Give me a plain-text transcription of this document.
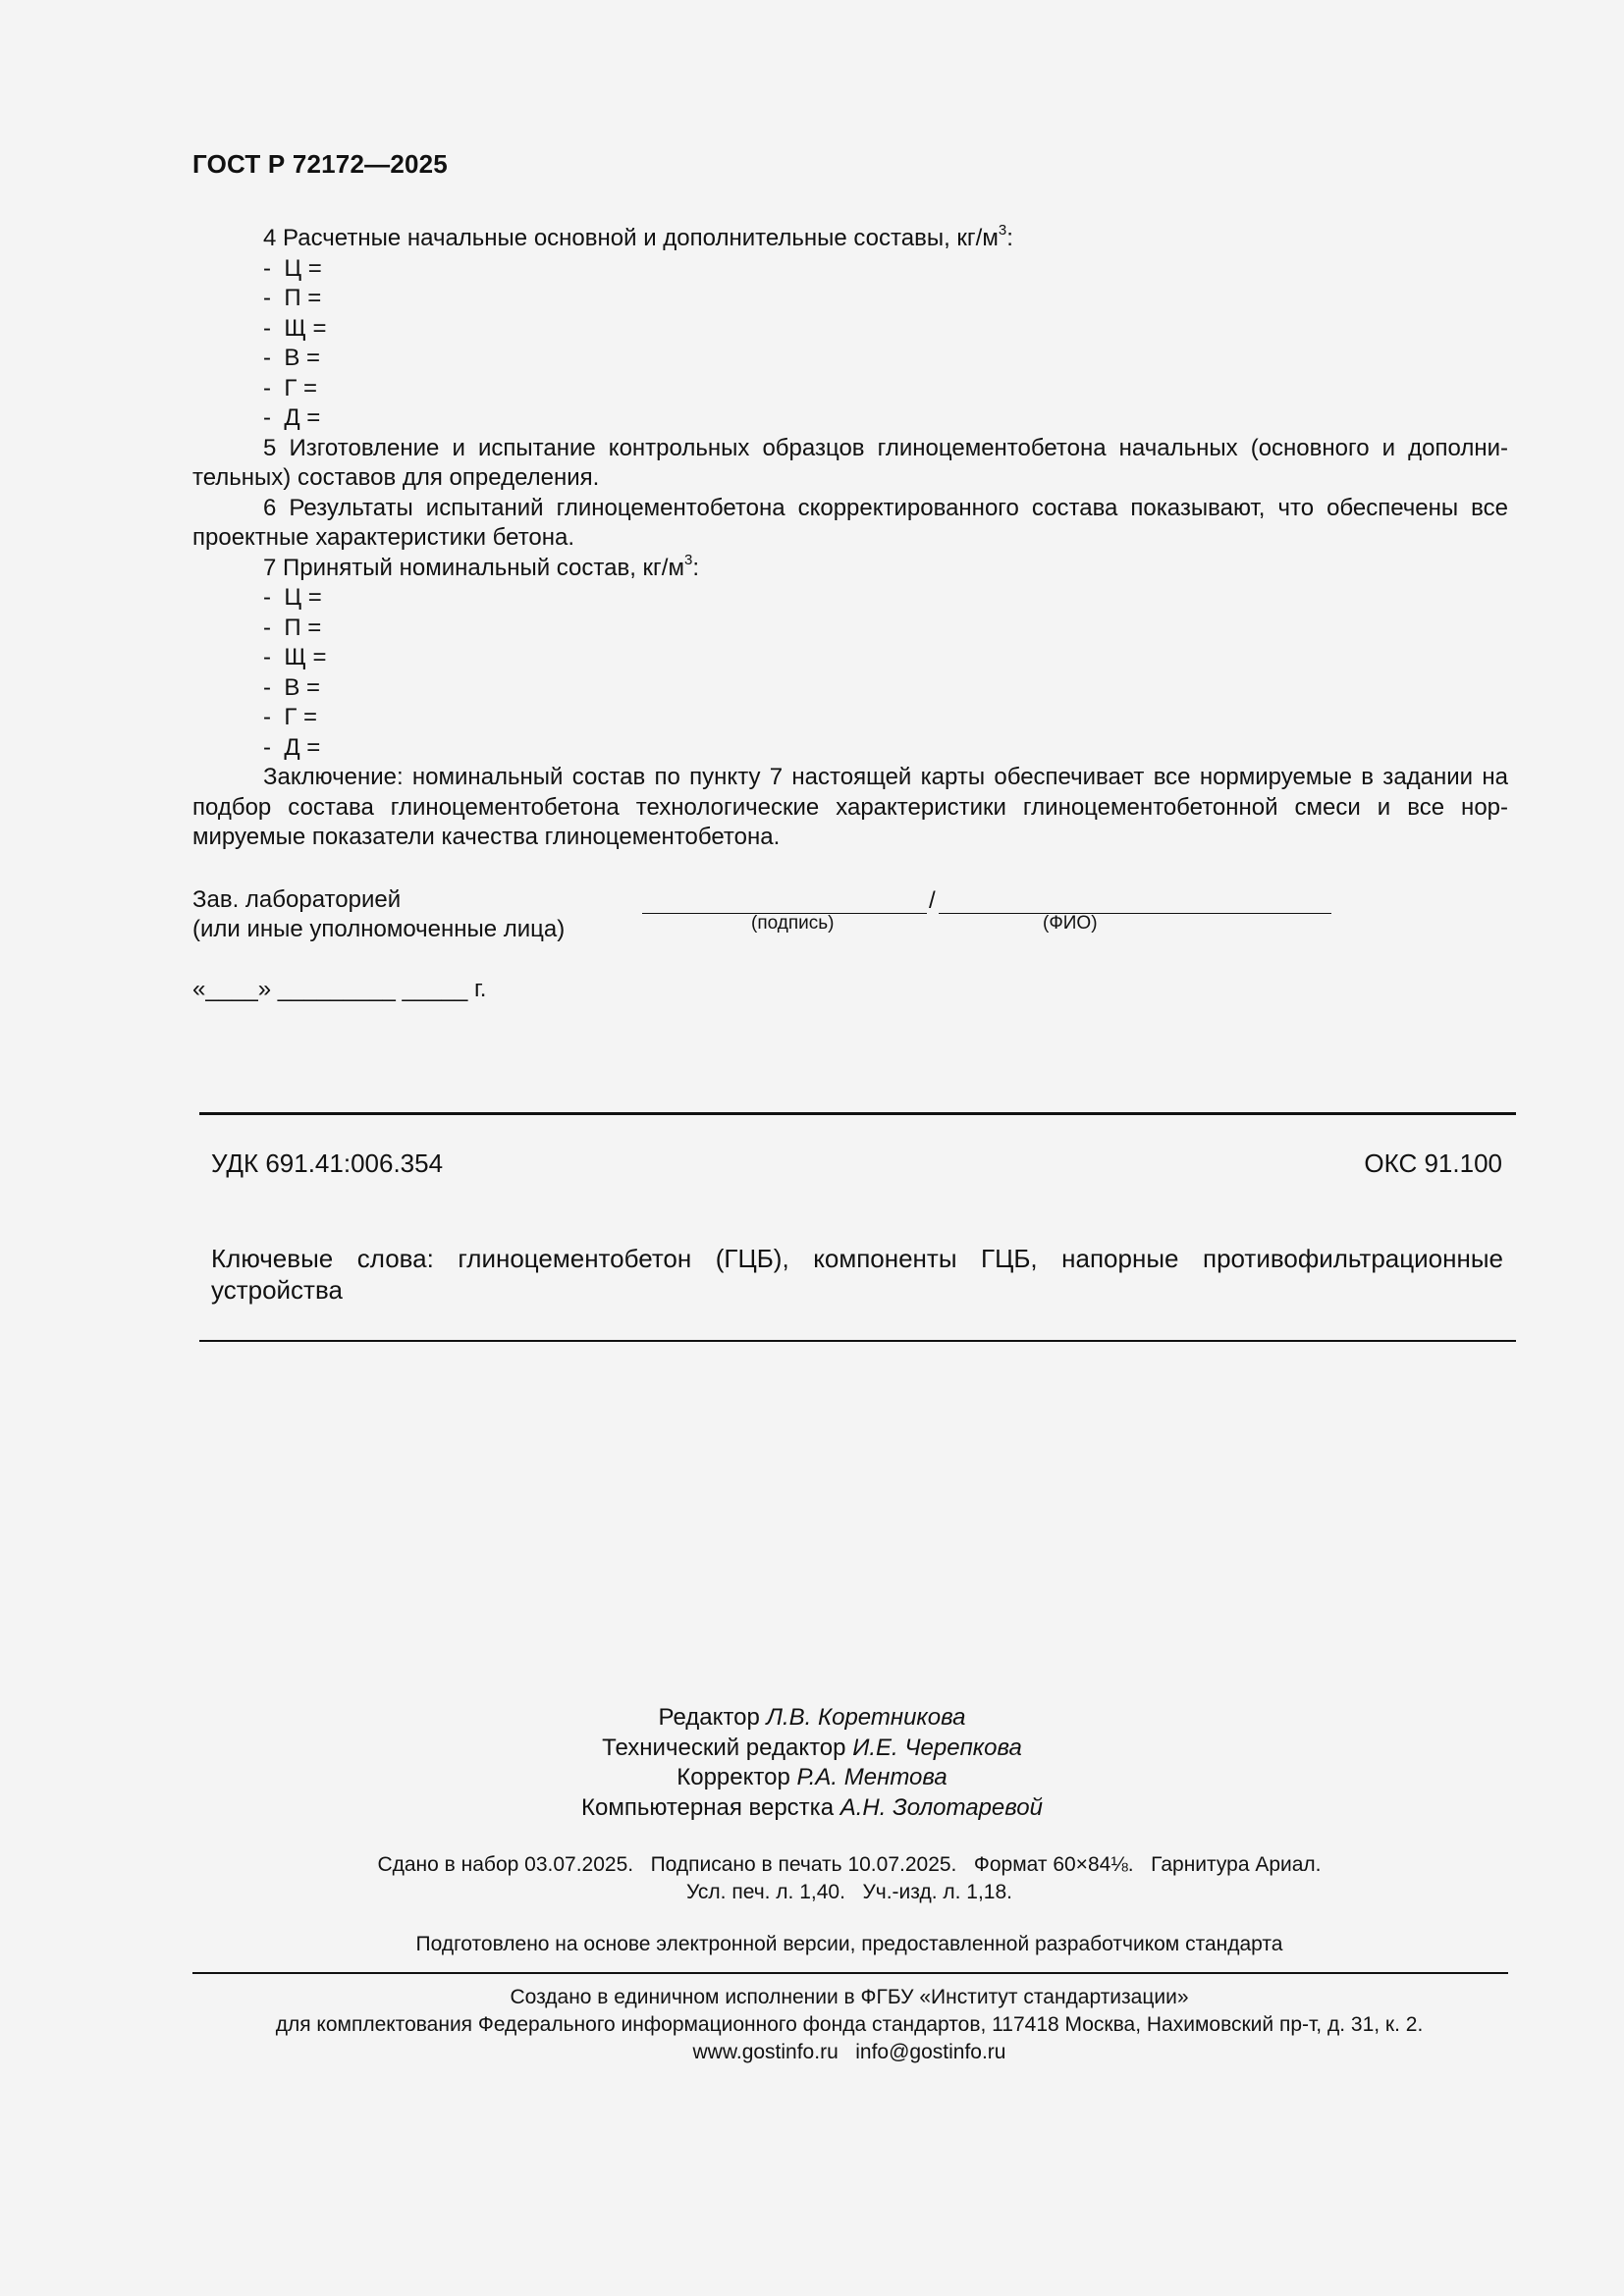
ГОСТ Р 72172—2025

4 Расчетные начальные основной и дополнительные составы, $кг/м^3$:

-  Ц =

-  П =

-  Щ =

-  В =

-  Г =

-  Д =

5 Изготовление и испытание контрольных образцов глиноцементобетона начальных (основного и дополни-тельных) составов для определения.

6 Результаты испытаний глиноцементобетона скорректированного состава показывают, что обеспечены все проектные характеристики бетона.

7 Принятый номинальный состав, $кг/м^3$:

-  Ц =

-  П =

-  Щ =

-  В =

-  Г =

-  Д =

Заключение: номинальный состав по пункту 7 настоящей карты обеспечивает все нормируемые в задании на подбор состава глиноцементобетона технологические характеристики глиноцементобетонной смеси и все нор-мируемые показатели качества глиноцементобетона.

Зав. лабораторией
(или иные уполномоченные лица)
/
(подпись)	(ФИО)
«____» _________ _____ г.
УДК 691.41:006.354	ОКС 91.100
Ключевые слова: глиноцементобетон (ГЦБ), компоненты ГЦБ, напорные противофильтрационные устройства
Редактор Л.В. Коретникова
Технический редактор И.Е. Черепкова
Корректор Р.А. Ментова
Компьютерная верстка А.Н. Золотаревой
Сдано в набор 03.07.2025.   Подписано в печать 10.07.2025.   Формат 60×84⅛.   Гарнитура Ариал.
Усл. печ. л. 1,40.   Уч.-изд. л. 1,18.
Подготовлено на основе электронной версии, предоставленной разработчиком стандарта
Создано в единичном исполнении в ФГБУ «Институт стандартизации»
для комплектования Федерального информационного фонда стандартов, 117418 Москва, Нахимовский пр-т, д. 31, к. 2.
www.gostinfo.ru   info@gostinfo.ru
